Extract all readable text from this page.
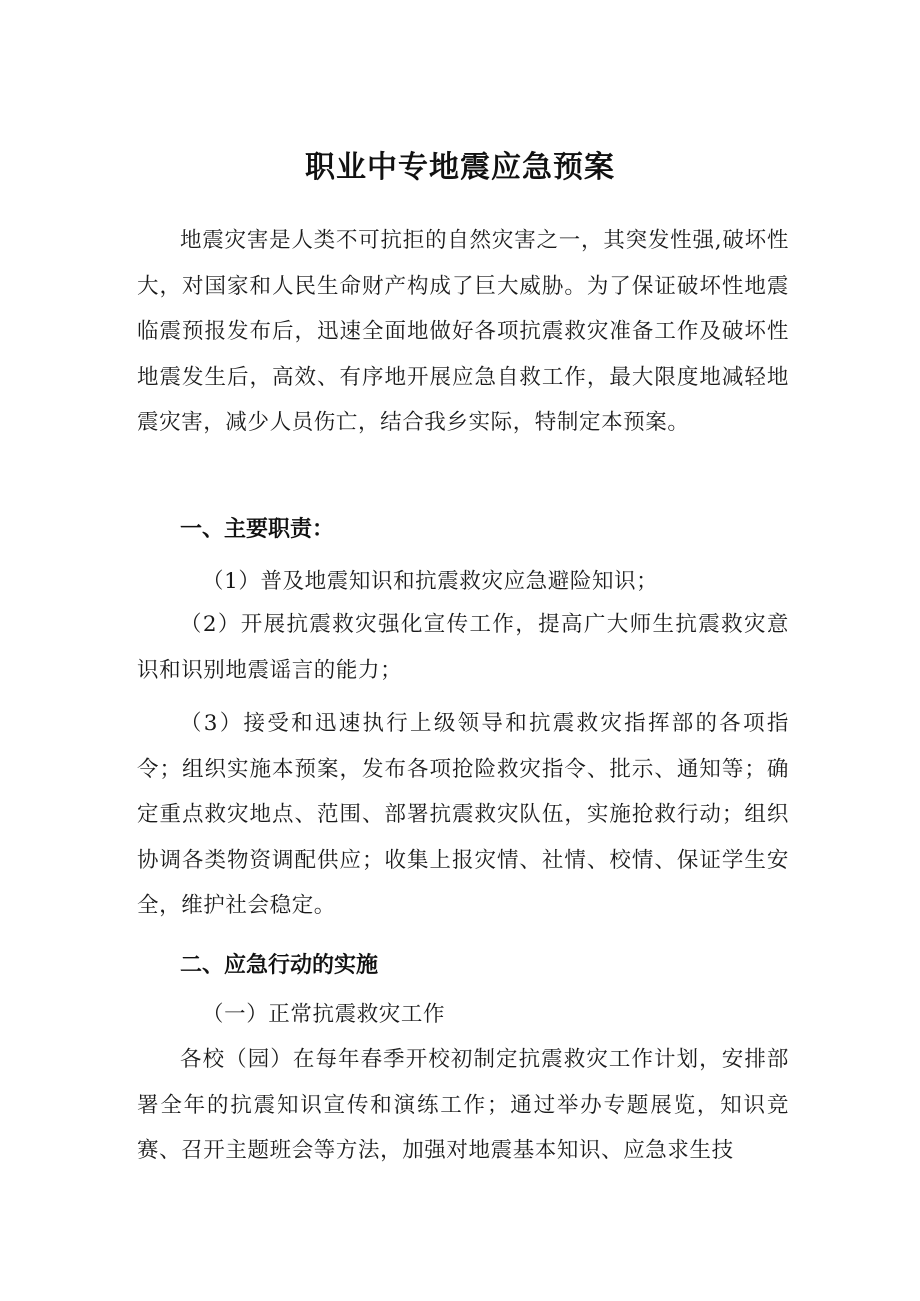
职业中专地震应急预案
地震灾害是人类不可抗拒的自然灾害之一，其突发性强,破坏性大，对国家和人民生命财产构成了巨大威胁。为了保证破坏性地震临震预报发布后，迅速全面地做好各项抗震救灾准备工作及破坏性地震发生后，高效、有序地开展应急自救工作，最大限度地减轻地震灾害，减少人员伤亡，结合我乡实际，特制定本预案。
一、主要职责：
（1）普及地震知识和抗震救灾应急避险知识；
（2）开展抗震救灾强化宣传工作，提高广大师生抗震救灾意识和识别地震谣言的能力；
（3）接受和迅速执行上级领导和抗震救灾指挥部的各项指令；组织实施本预案，发布各项抢险救灾指令、批示、通知等；确定重点救灾地点、范围、部署抗震救灾队伍，实施抢救行动；组织协调各类物资调配供应；收集上报灾情、社情、校情、保证学生安全，维护社会稳定。
二、应急行动的实施
（一）正常抗震救灾工作
各校（园）在每年春季开校初制定抗震救灾工作计划，安排部署全年的抗震知识宣传和演练工作；通过举办专题展览，知识竞赛、召开主题班会等方法，加强对地震基本知识、应急求生技
